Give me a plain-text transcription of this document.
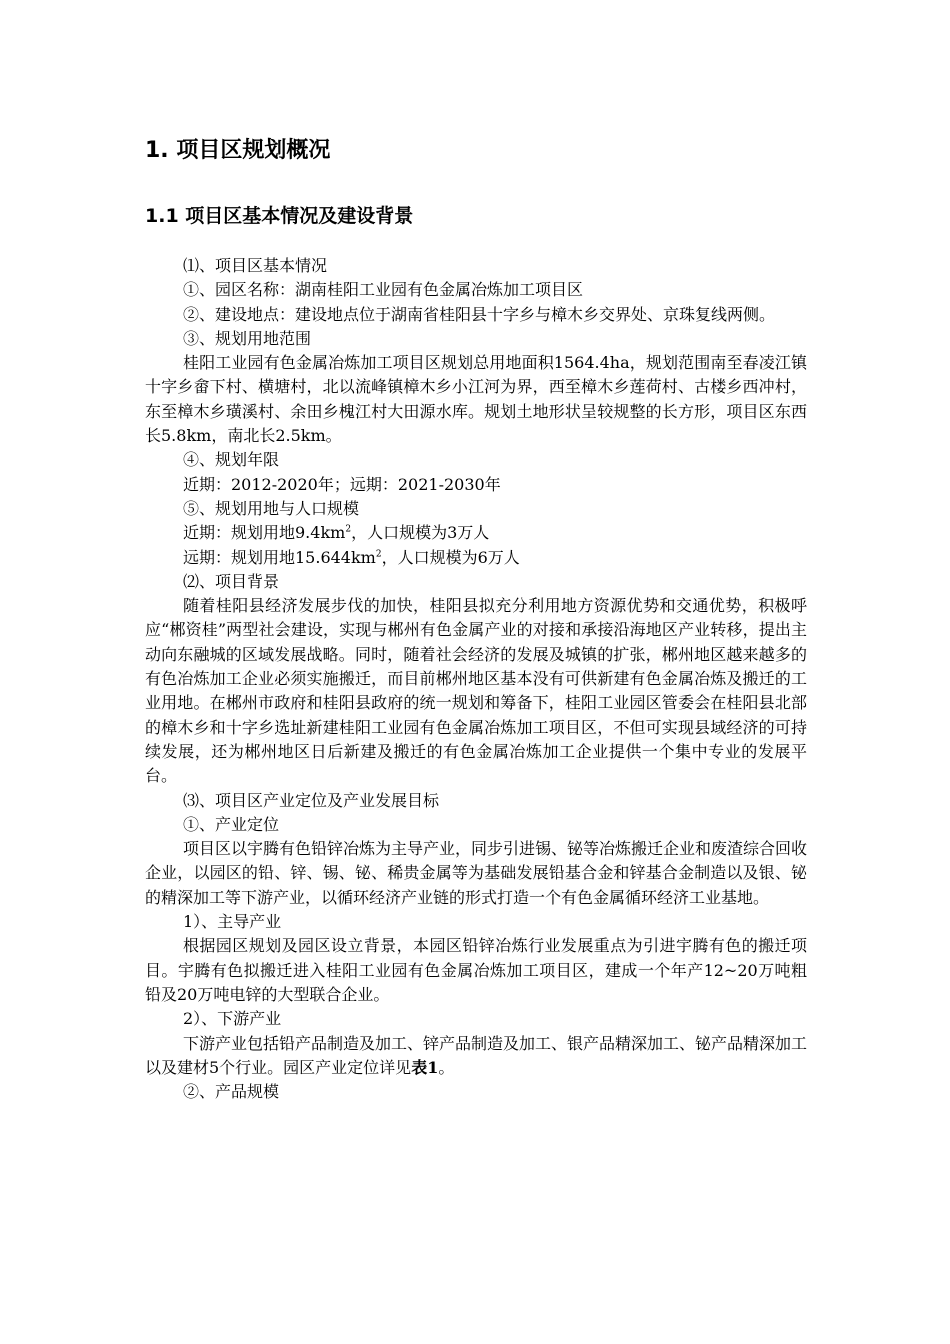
1. 项目区规划概况
1.1 项目区基本情况及建设背景

⑴、项目区基本情况

①、园区名称：湖南桂阳工业园有色金属冶炼加工项目区

②、建设地点：建设地点位于湖南省桂阳县十字乡与樟木乡交界处、京珠复线两侧。

③、规划用地范围

桂阳工业园有色金属冶炼加工项目区规划总用地面积1564.4ha，规划范围南至春凌江镇十字乡畲下村、横塘村，北以流峰镇樟木乡小江河为界，西至樟木乡莲荷村、古楼乡西冲村，东至樟木乡璜溪村、余田乡槐江村大田源水库。规划土地形状呈较规整的长方形，项目区东西长5.8km，南北长2.5km。

④、规划年限

近期：2012-2020年；远期：2021-2030年

⑤、规划用地与人口规模

近期：规划用地$9.4km^2$，人口规模为3万人

远期：规划用地$15.644km^2$，人口规模为6万人

⑵、项目背景

随着桂阳县经济发展步伐的加快，桂阳县拟充分利用地方资源优势和交通优势，积极呼应“郴资桂”两型社会建设，实现与郴州有色金属产业的对接和承接沿海地区产业转移，提出主动向东融城的区域发展战略。同时，随着社会经济的发展及城镇的扩张，郴州地区越来越多的有色冶炼加工企业必须实施搬迁，而目前郴州地区基本没有可供新建有色金属冶炼及搬迁的工业用地。在郴州市政府和桂阳县政府的统一规划和筹备下，桂阳工业园区管委会在桂阳县北部的樟木乡和十字乡选址新建桂阳工业园有色金属冶炼加工项目区，不但可实现县域经济的可持续发展，还为郴州地区日后新建及搬迁的有色金属冶炼加工企业提供一个集中专业的发展平台。

⑶、项目区产业定位及产业发展目标

①、产业定位

项目区以宇腾有色铅锌冶炼为主导产业，同步引进锡、铋等冶炼搬迁企业和废渣综合回收企业，以园区的铅、锌、锡、铋、稀贵金属等为基础发展铅基合金和锌基合金制造以及银、铋的精深加工等下游产业，以循环经济产业链的形式打造一个有色金属循环经济工业基地。

1）、主导产业

根据园区规划及园区设立背景，本园区铅锌冶炼行业发展重点为引进宇腾有色的搬迁项目。宇腾有色拟搬迁进入桂阳工业园有色金属冶炼加工项目区，建成一个年产12~20万吨粗铅及20万吨电锌的大型联合企业。

2）、下游产业

下游产业包括铅产品制造及加工、锌产品制造及加工、银产品精深加工、铋产品精深加工以及建材5个行业。园区产业定位详见表1。

②、产品规模
